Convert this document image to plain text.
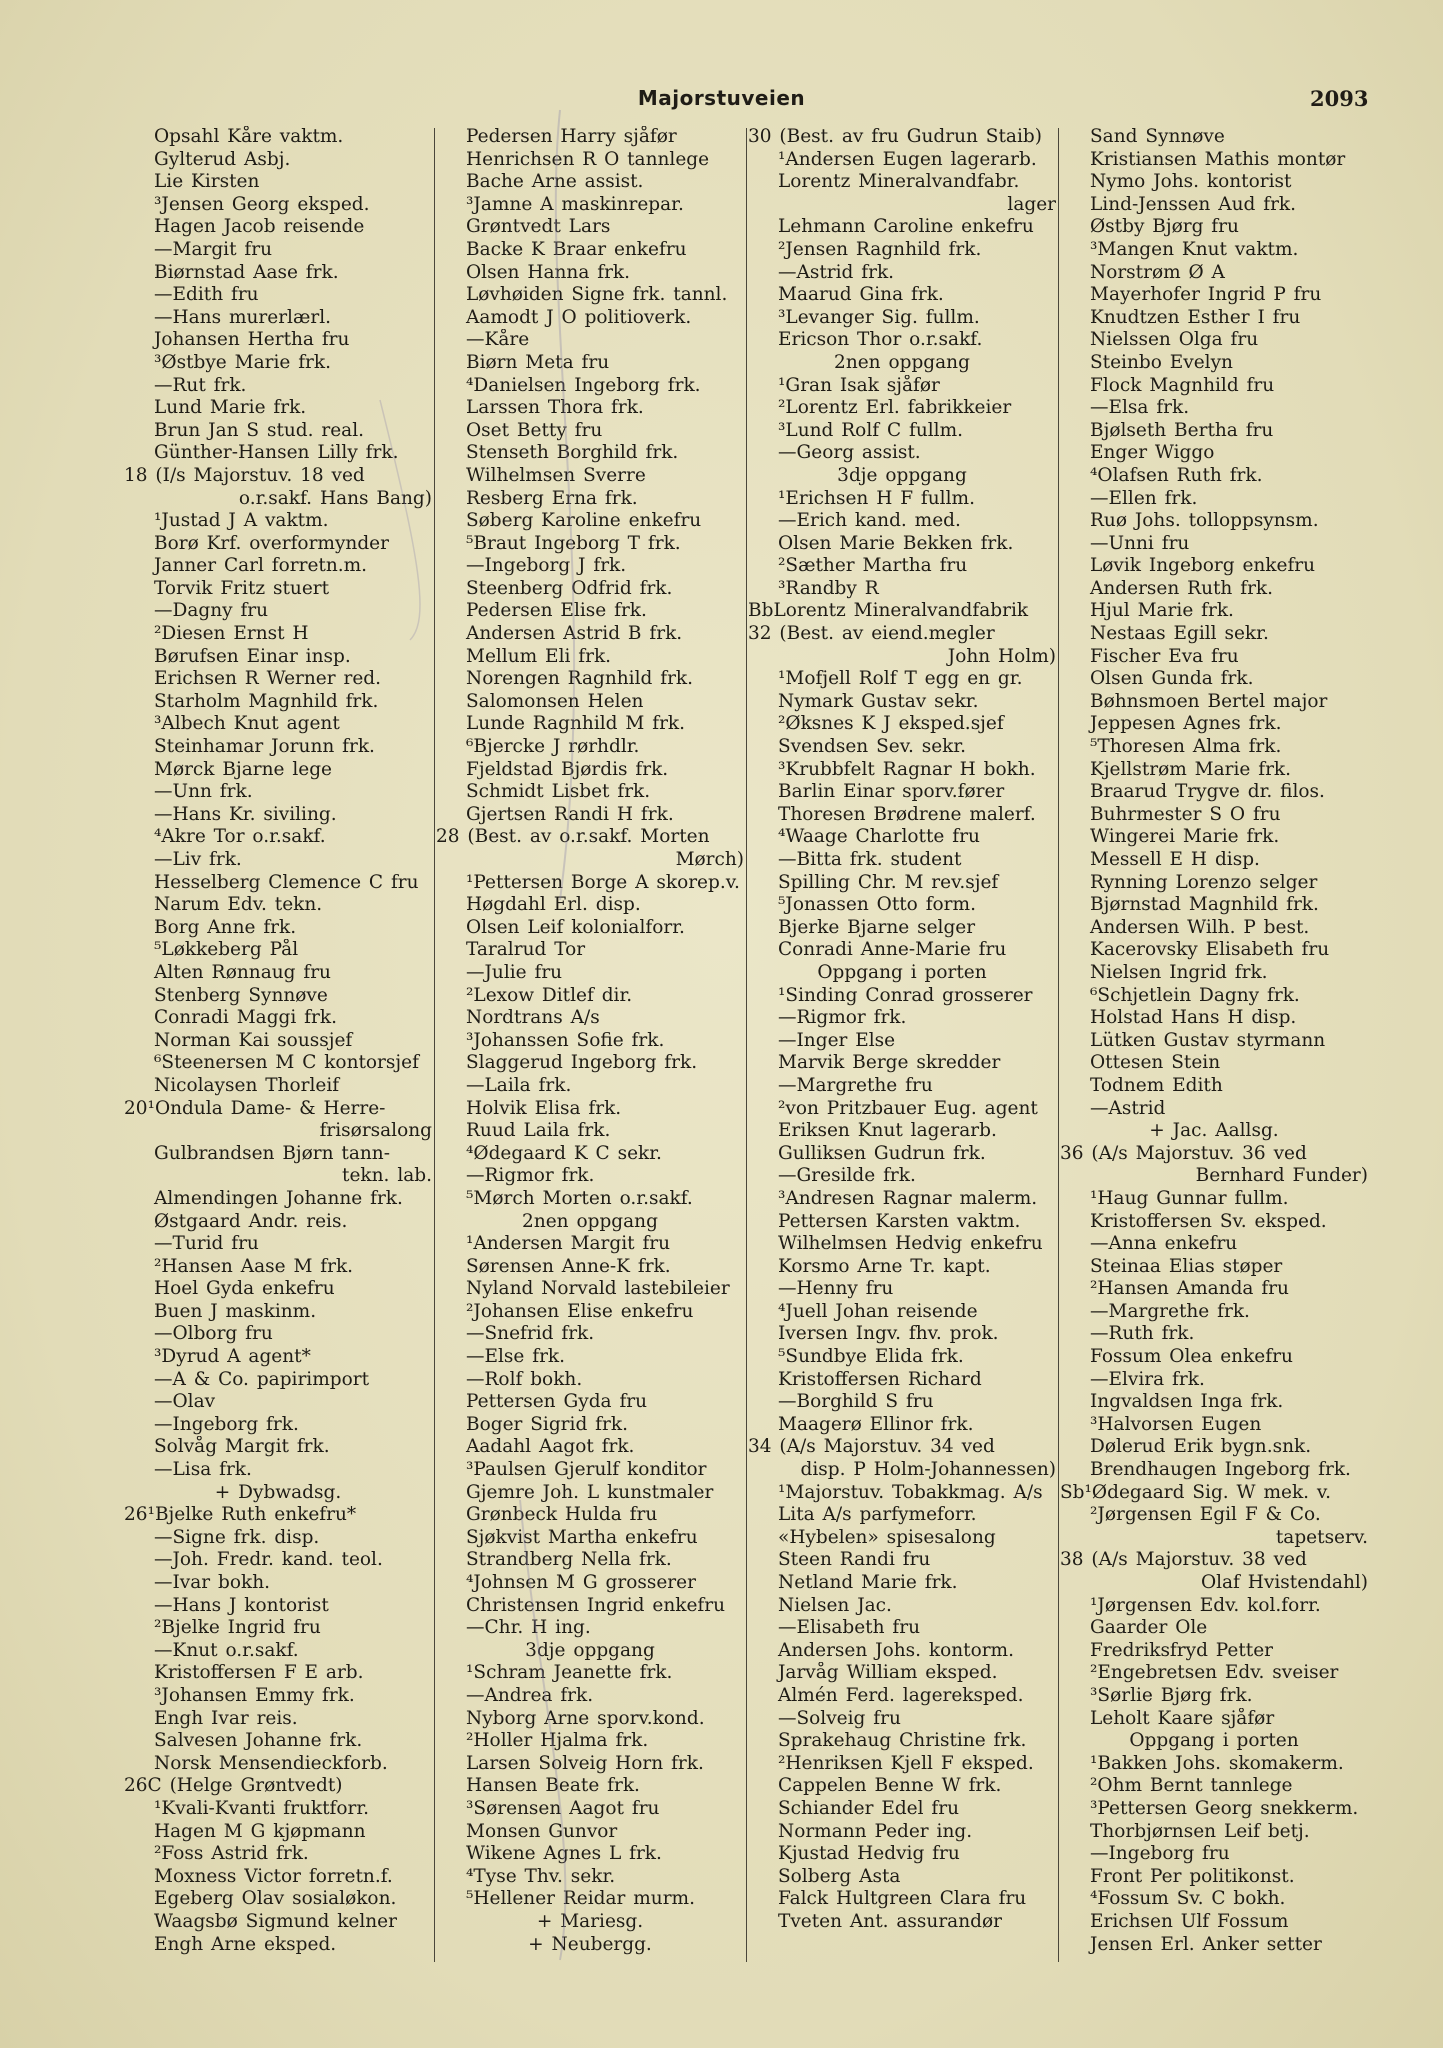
Majorstuveien	2093
Opsahl Kåre vaktm.
Gylterud Asbj.
Lie Kirsten
³Jensen Georg eksped.
Hagen Jacob reisende
—Margit fru
Biørnstad Aase frk.
—Edith fru
—Hans murerlærl.
Johansen Hertha fru
³Østbye Marie frk.
—Rut frk.
Lund Marie frk.
Brun Jan S stud. real.
Günther-Hansen Lilly frk.
18 (I/s Majorstuv. 18 ved
o.r.sakf. Hans Bang)
¹Justad J A vaktm.
Borø Krf. overformynder
Janner Carl forretn.m.
Torvik Fritz stuert
—Dagny fru
²Diesen Ernst H
Børufsen Einar insp.
Erichsen R Werner red.
Starholm Magnhild frk.
³Albech Knut agent
Steinhamar Jorunn frk.
Mørck Bjarne lege
—Unn frk.
—Hans Kr. siviling.
⁴Akre Tor o.r.sakf.
—Liv frk.
Hesselberg Clemence C fru
Narum Edv. tekn.
Borg Anne frk.
⁵Løkkeberg Pål
Alten Rønnaug fru
Stenberg Synnøve
Conradi Maggi frk.
Norman Kai soussjef
⁶Steenersen M C kontorsjef
Nicolaysen Thorleif
20¹Ondula Dame- & Herre-
frisørsalong
Gulbrandsen Bjørn tann-
tekn. lab.
Almendingen Johanne frk.
Østgaard Andr. reis.
—Turid fru
²Hansen Aase M frk.
Hoel Gyda enkefru
Buen J maskinm.
—Olborg fru
³Dyrud A agent*
—A & Co. papirimport
—Olav
—Ingeborg frk.
Solvåg Margit frk.
—Lisa frk.
+ Dybwadsg.
26¹Bjelke Ruth enkefru*
—Signe frk. disp.
—Joh. Fredr. kand. teol.
—Ivar bokh.
—Hans J kontorist
²Bjelke Ingrid fru
—Knut o.r.sakf.
Kristoffersen F E arb.
³Johansen Emmy frk.
Engh Ivar reis.
Salvesen Johanne frk.
Norsk Mensendieckforb.
26C (Helge Grøntvedt)
¹Kvali-Kvanti fruktforr.
Hagen M G kjøpmann
²Foss Astrid frk.
Moxness Victor forretn.f.
Egeberg Olav sosialøkon.
Waagsbø Sigmund kelner
Engh Arne eksped.
Pedersen Harry sjåfør
Henrichsen R O tannlege
Bache Arne assist.
³Jamne A maskinrepar.
Grøntvedt Lars
Backe K Braar enkefru
Olsen Hanna frk.
Løvhøiden Signe frk. tannl.
Aamodt J O politioverk.
—Kåre
Biørn Meta fru
⁴Danielsen Ingeborg frk.
Larssen Thora frk.
Oset Betty fru
Stenseth Borghild frk.
Wilhelmsen Sverre
Resberg Erna frk.
Søberg Karoline enkefru
⁵Braut Ingeborg T frk.
—Ingeborg J frk.
Steenberg Odfrid frk.
Pedersen Elise frk.
Andersen Astrid B frk.
Mellum Eli frk.
Norengen Ragnhild frk.
Salomonsen Helen
Lunde Ragnhild M frk.
⁶Bjercke J rørhdlr.
Fjeldstad Bjørdis frk.
Schmidt Lisbet frk.
Gjertsen Randi H frk.
28 (Best. av o.r.sakf. Morten
Mørch)
¹Pettersen Borge A skorep.v.
Høgdahl Erl. disp.
Olsen Leif kolonialforr.
Taralrud Tor
—Julie fru
²Lexow Ditlef dir.
Nordtrans A/s
³Johanssen Sofie frk.
Slaggerud Ingeborg frk.
—Laila frk.
Holvik Elisa frk.
Ruud Laila frk.
⁴Ødegaard K C sekr.
—Rigmor frk.
⁵Mørch Morten o.r.sakf.
2nen oppgang
¹Andersen Margit fru
Sørensen Anne-K frk.
Nyland Norvald lastebileier
²Johansen Elise enkefru
—Snefrid frk.
—Else frk.
—Rolf bokh.
Pettersen Gyda fru
Boger Sigrid frk.
Aadahl Aagot frk.
³Paulsen Gjerulf konditor
Gjemre Joh. L kunstmaler
Grønbeck Hulda fru
Sjøkvist Martha enkefru
Strandberg Nella frk.
⁴Johnsen M G grosserer
Christensen Ingrid enkefru
—Chr. H ing.
3dje oppgang
¹Schram Jeanette frk.
—Andrea frk.
Nyborg Arne sporv.kond.
²Holler Hjalma frk.
Larsen Solveig Horn frk.
Hansen Beate frk.
³Sørensen Aagot fru
Monsen Gunvor
Wikene Agnes L frk.
⁴Tyse Thv. sekr.
⁵Hellener Reidar murm.
+ Mariesg.
+ Neubergg.
30 (Best. av fru Gudrun Staib)
¹Andersen Eugen lagerarb.
Lorentz Mineralvandfabr.
lager
Lehmann Caroline enkefru
²Jensen Ragnhild frk.
—Astrid frk.
Maarud Gina frk.
³Levanger Sig. fullm.
Ericson Thor o.r.sakf.
2nen oppgang
¹Gran Isak sjåfør
²Lorentz Erl. fabrikkeier
³Lund Rolf C fullm.
—Georg assist.
3dje oppgang
¹Erichsen H F fullm.
—Erich kand. med.
Olsen Marie Bekken frk.
²Sæther Martha fru
³Randby R
BbLorentz Mineralvandfabrik
32 (Best. av eiend.megler
John Holm)
¹Mofjell Rolf T egg en gr.
Nymark Gustav sekr.
²Øksnes K J eksped.sjef
Svendsen Sev. sekr.
³Krubbfelt Ragnar H bokh.
Barlin Einar sporv.fører
Thoresen Brødrene malerf.
⁴Waage Charlotte fru
—Bitta frk. student
Spilling Chr. M rev.sjef
⁵Jonassen Otto form.
Bjerke Bjarne selger
Conradi Anne-Marie fru
Oppgang i porten
¹Sinding Conrad grosserer
—Rigmor frk.
—Inger Else
Marvik Berge skredder
—Margrethe fru
²von Pritzbauer Eug. agent
Eriksen Knut lagerarb.
Gulliksen Gudrun frk.
—Gresilde frk.
³Andresen Ragnar malerm.
Pettersen Karsten vaktm.
Wilhelmsen Hedvig enkefru
Korsmo Arne Tr. kapt.
—Henny fru
⁴Juell Johan reisende
Iversen Ingv. fhv. prok.
⁵Sundbye Elida frk.
Kristoffersen Richard
—Borghild S fru
Maagerø Ellinor frk.
34 (A/s Majorstuv. 34 ved
disp. P Holm-Johannessen)
¹Majorstuv. Tobakkmag. A/s
Lita A/s parfymeforr.
«Hybelen» spisesalong
Steen Randi fru
Netland Marie frk.
Nielsen Jac.
—Elisabeth fru
Andersen Johs. kontorm.
Jarvåg William eksped.
Almén Ferd. lagereksped.
—Solveig fru
Sprakehaug Christine frk.
²Henriksen Kjell F eksped.
Cappelen Benne W frk.
Schiander Edel fru
Normann Peder ing.
Kjustad Hedvig fru
Solberg Asta
Falck Hultgreen Clara fru
Tveten Ant. assurandør
Sand Synnøve
Kristiansen Mathis montør
Nymo Johs. kontorist
Lind-Jenssen Aud frk.
Østby Bjørg fru
³Mangen Knut vaktm.
Norstrøm Ø A
Mayerhofer Ingrid P fru
Knudtzen Esther I fru
Nielssen Olga fru
Steinbo Evelyn
Flock Magnhild fru
—Elsa frk.
Bjølseth Bertha fru
Enger Wiggo
⁴Olafsen Ruth frk.
—Ellen frk.
Ruø Johs. tolloppsynsm.
—Unni fru
Løvik Ingeborg enkefru
Andersen Ruth frk.
Hjul Marie frk.
Nestaas Egill sekr.
Fischer Eva fru
Olsen Gunda frk.
Bøhnsmoen Bertel major
Jeppesen Agnes frk.
⁵Thoresen Alma frk.
Kjellstrøm Marie frk.
Braarud Trygve dr. filos.
Buhrmester S O fru
Wingerei Marie frk.
Messell E H disp.
Rynning Lorenzo selger
Bjørnstad Magnhild frk.
Andersen Wilh. P best.
Kacerovsky Elisabeth fru
Nielsen Ingrid frk.
⁶Schjetlein Dagny frk.
Holstad Hans H disp.
Lütken Gustav styrmann
Ottesen Stein
Todnem Edith
—Astrid
+ Jac. Aallsg.
36 (A/s Majorstuv. 36 ved
Bernhard Funder)
¹Haug Gunnar fullm.
Kristoffersen Sv. eksped.
—Anna enkefru
Steinaa Elias støper
²Hansen Amanda fru
—Margrethe frk.
—Ruth frk.
Fossum Olea enkefru
—Elvira frk.
Ingvaldsen Inga frk.
³Halvorsen Eugen
Dølerud Erik bygn.snk.
Brendhaugen Ingeborg frk.
Sb¹Ødegaard Sig. W mek. v.
²Jørgensen Egil F & Co.
tapetserv.
38 (A/s Majorstuv. 38 ved
Olaf Hvistendahl)
¹Jørgensen Edv. kol.forr.
Gaarder Ole
Fredriksfryd Petter
²Engebretsen Edv. sveiser
³Sørlie Bjørg frk.
Leholt Kaare sjåfør
Oppgang i porten
¹Bakken Johs. skomakerm.
²Ohm Bernt tannlege
³Pettersen Georg snekkerm.
Thorbjørnsen Leif betj.
—Ingeborg fru
Front Per politikonst.
⁴Fossum Sv. C bokh.
Erichsen Ulf Fossum
Jensen Erl. Anker setter
